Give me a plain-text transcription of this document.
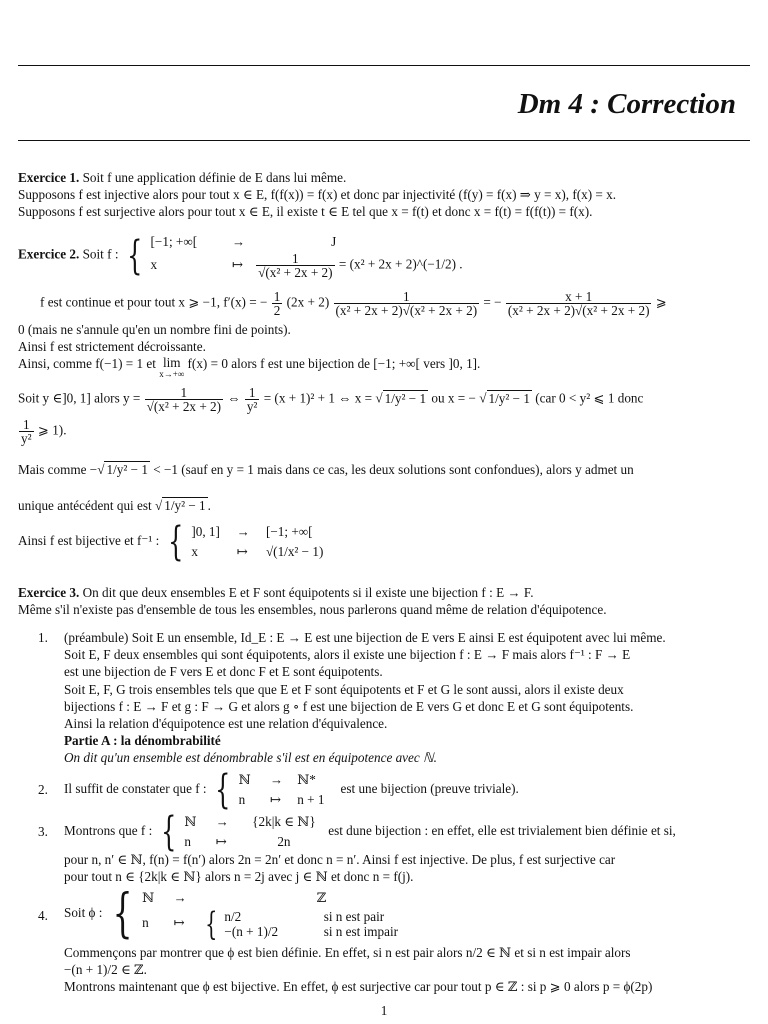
Dm 4 : Correction
Exercice 1. Soit f une application définie de E dans lui même.
Supposons f est injective alors pour tout x ∈ E, f(f(x)) = f(x) et donc par injectivité (f(y) = f(x) ⇒ y = x), f(x) = x.
Supposons f est surjective alors pour tout x ∈ E, il existe t ∈ E tel que x = f(t) et donc x = f(t) = f(f(t)) = f(x).
Exercice 2. Soit f : { [−1; +∞[	→	J
x	↦ $\frac{1}{\text{√(x² + 2x + 2)}} = (x^2 + 2x$ + 2)^(−1/2) .
f est continue et pour tout x ⩾ −1, f′(x) = − $\frac{1}{2} (2x + 2) \frac{1}{\text{(x² + 2x + 2)√(x² + 2x + 2)}}$ = − $\frac{x + 1}{\text{(x² + 2x + 2)√(x² + 2x + 2)}}$ ⩾
0 (mais ne s'annule qu'en un nombre fini de points).
Ainsi f est strictement décroissante.
Ainsi, comme f(−1) = 1 et lim
x→+∞
f(x) = 0 alors f est une bijection de [−1; +∞[ vers ]0, 1].
Soit y ∈]0, 1] alors $y = \frac{1}{\text{√(x² + 2x + 2)}}$ ⇔ $\frac{1}{\text{y²}} = (x + 1)^2 + 1$ ⇔ x = √ 1/y² − 1 ou x = − √ 1/y² − 1 (car 0 < y² ⩽ 1 donc
$\frac{1}{\text{y²}}$ ⩾ 1).
Mais comme −√ 1/y² − 1 < −1 (sauf en y = 1 mais dans ce cas, les deux solutions sont confondues), alors y admet un
unique antécédent qui est √ 1/y² − 1 .
Ainsi f est bijective et f⁻¹ : { ]0, 1] → [−1; +∞[
x	↦ √(1/x² − 1)
Exercice 3. On dit que deux ensembles E et F sont équipotents si il existe une bijection f : E → F.
Même s'il n'existe pas d'ensemble de tous les ensembles, nous parlerons quand même de relation d'équipotence.
1. (préambule) Soit E un ensemble, Id_E : E → E est une bijection de E vers E ainsi E est équipotent avec lui même.
Soit E, F deux ensembles qui sont équipotents, alors il existe une bijection f : E → F mais alors f⁻¹ : F → E
est une bijection de F vers E et donc F et E sont équipotents.
Soit E, F, G trois ensembles tels que que E et F sont équipotents et F et G le sont aussi, alors il existe deux
bijections f : E → F et g : F → G et alors g ∘ f est une bijection de E vers G et donc E et G sont équipotents.
Ainsi la relation d'équipotence est une relation d'équivalence.
Partie A : la dénombrabilité
On dit qu'un ensemble est dénombrable s'il est en équipotence avec ℕ.
2. Il suffit de constater que f : { ℕ → ℕ*
n ↦ n + 1
est une bijection (preuve triviale).
3. Montrons que f : { ℕ → {2k|k ∈ ℕ}
n ↦	2n
est dune bijection : en effet, elle est trivialement bien définie et si,
pour n, n′ ∈ ℕ, f(n) = f(n′) alors 2n = 2n′ et donc n = n′. Ainsi f est injective. De plus, f est surjective car
pour tout n ∈ {2k|k ∈ ℕ} alors n = 2j avec j ∈ ℕ et donc n = f(j).
4. Soit ϕ : { ℕ →	ℤ
n ↦ { n/2	si n est pair
−(n + 1)/2	si n est impair
Commençons par montrer que ϕ est bien définie. En effet, si n est pair alors n/2 ∈ ℕ et si n est impair alors
−(n + 1)/2 ∈ ℤ.
Montrons maintenant que ϕ est bijective. En effet, ϕ est surjective car pour tout p ∈ ℤ : si p ⩾ 0 alors p = ϕ(2p)
1
